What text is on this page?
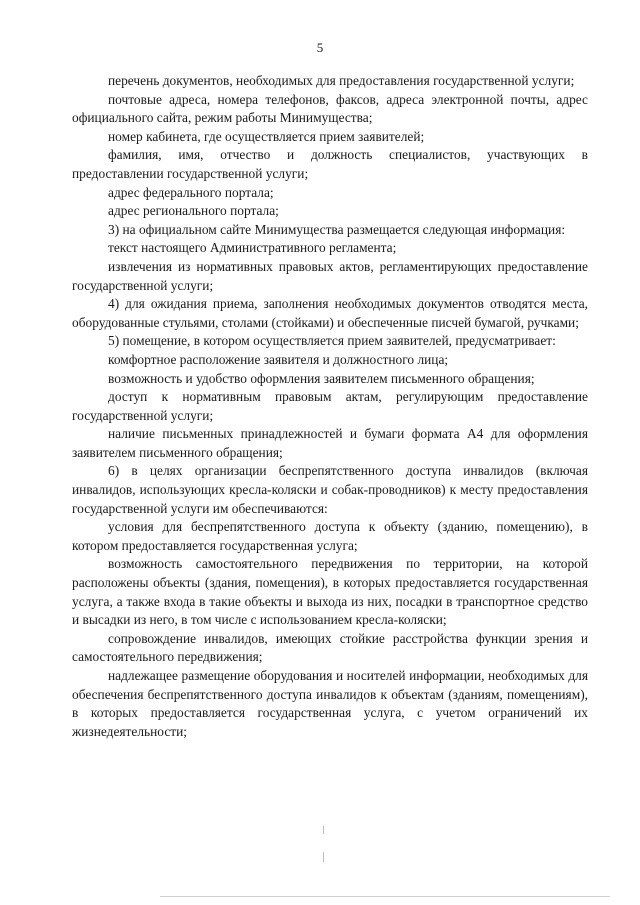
5

перечень документов, необходимых для предоставления государственной услуги;

почтовые адреса, номера телефонов, факсов, адреса электронной почты, адрес официального сайта, режим работы Минимущества;

номер кабинета, где осуществляется прием заявителей;

фамилия, имя, отчество и должность специалистов, участвующих в предоставлении государственной услуги;

адрес федерального портала;

адрес регионального портала;

3) на официальном сайте Минимущества размещается следующая информация:

текст настоящего Административного регламента;

извлечения из нормативных правовых актов, регламентирующих предоставление государственной услуги;

4) для ожидания приема, заполнения необходимых документов отводятся места, оборудованные стульями, столами (стойками) и обеспеченные писчей бумагой, ручками;

5) помещение, в котором осуществляется прием заявителей, предусматривает:

комфортное расположение заявителя и должностного лица;

возможность и удобство оформления заявителем письменного обращения;

доступ к нормативным правовым актам, регулирующим предоставление государственной услуги;

наличие письменных принадлежностей и бумаги формата А4 для оформления заявителем письменного обращения;

6) в целях организации беспрепятственного доступа инвалидов (включая инвалидов, использующих кресла-коляски и собак-проводников) к месту предоставления государственной услуги им обеспечиваются:

условия для беспрепятственного доступа к объекту (зданию, помещению), в котором предоставляется государственная услуга;

возможность самостоятельного передвижения по территории, на которой расположены объекты (здания, помещения), в которых предоставляется государственная услуга, а также входа в такие объекты и выхода из них, посадки в транспортное средство и высадки из него, в том числе с использованием кресла-коляски;

сопровождение инвалидов, имеющих стойкие расстройства функции зрения и самостоятельного передвижения;

надлежащее размещение оборудования и носителей информации, необходимых для обеспечения беспрепятственного доступа инвалидов к объектам (зданиям, помещениям), в которых предоставляется государственная услуга, с учетом ограничений их жизнедеятельности;
